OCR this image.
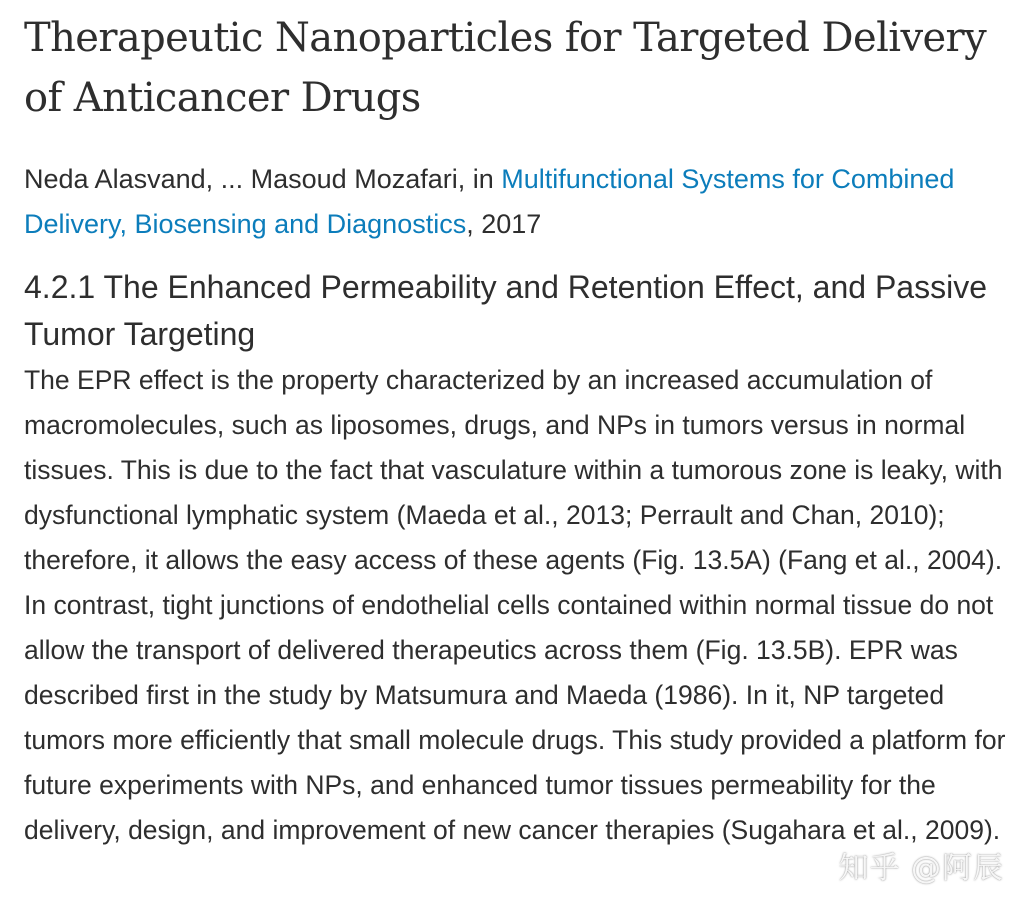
Therapeutic Nanoparticles for Targeted Delivery of Anticancer Drugs

Neda Alasvand, ... Masoud Mozafari, in Multifunctional Systems for Combined Delivery, Biosensing and Diagnostics, 2017

4.2.1 The Enhanced Permeability and Retention Effect, and Passive Tumor Targeting

The EPR effect is the property characterized by an increased accumulation of macromolecules, such as liposomes, drugs, and NPs in tumors versus in normal tissues. This is due to the fact that vasculature within a tumorous zone is leaky, with dysfunctional lymphatic system (Maeda et al., 2013; Perrault and Chan, 2010); therefore, it allows the easy access of these agents (Fig. 13.5A) (Fang et al., 2004). In contrast, tight junctions of endothelial cells contained within normal tissue do not allow the transport of delivered therapeutics across them (Fig. 13.5B). EPR was described first in the study by Matsumura and Maeda (1986). In it, NP targeted tumors more efficiently that small molecule drugs. This study provided a platform for future experiments with NPs, and enhanced tumor tissues permeability for the delivery, design, and improvement of new cancer therapies (Sugahara et al., 2009).

知乎 @阿辰
